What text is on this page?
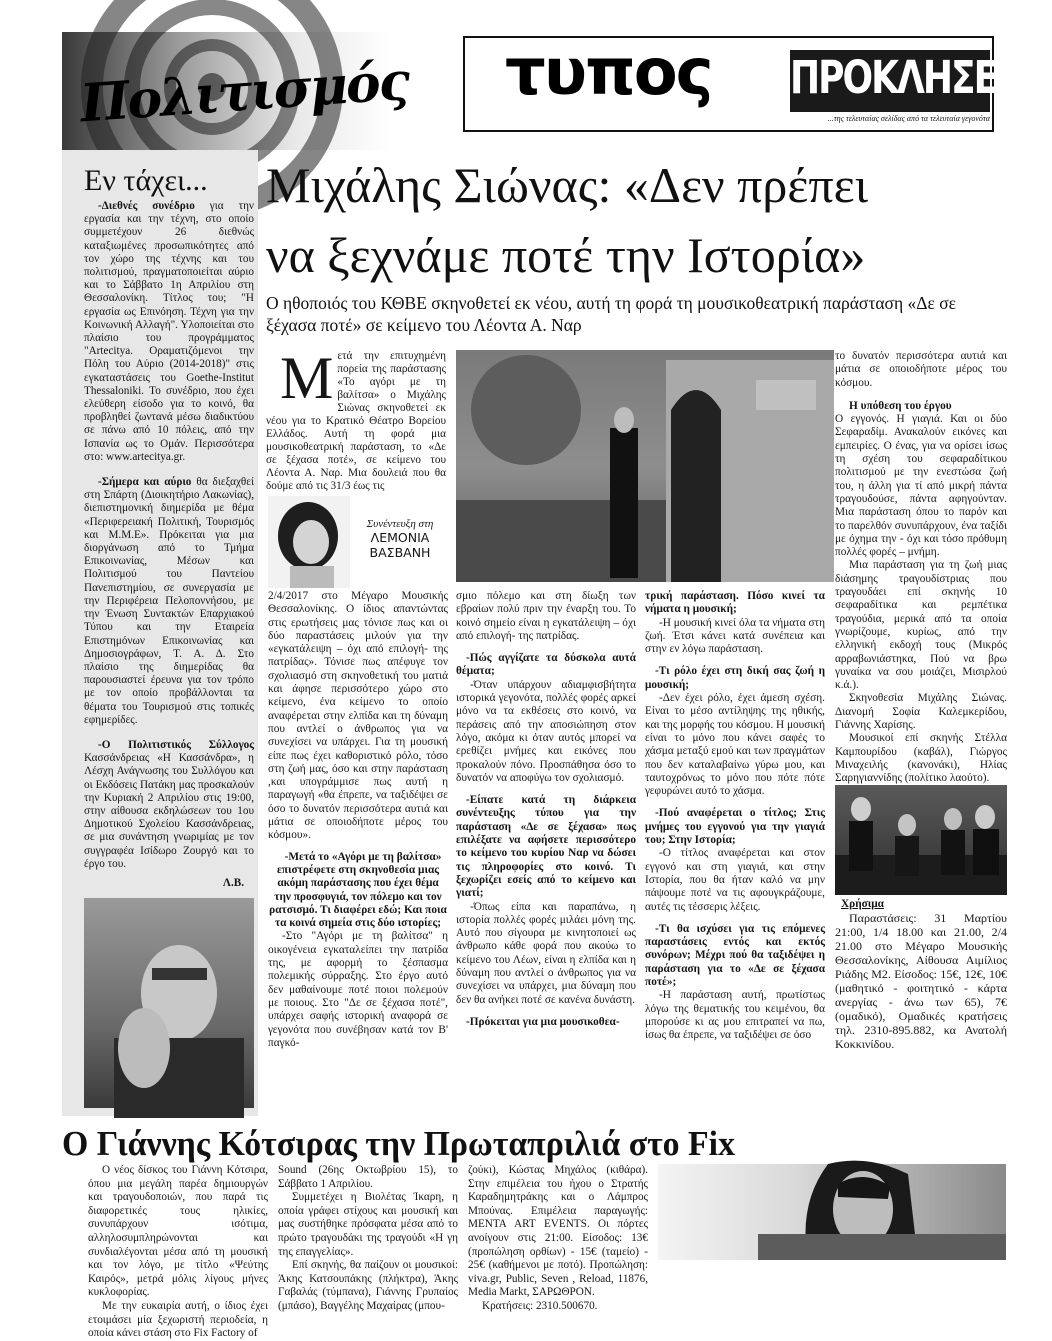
Πολιτισμός τυπος ΠΡΟΚΛΗΣΕΙΣ
...της τελευταίας σελίδας από τα τελευταία γεγονότα
Εν τάχει...

-Διεθνές συνέδριο για την εργασία και την τέχνη, στο οποίο συμμετέχουν 26 διεθνώς καταξιωμένες προσωπικότητες από τον χώρο της τέχνης και του πολιτισμού, πραγματοποιείται αύριο και το Σάββατο 1η Απριλίου στη Θεσσαλονίκη. Τίτλος του; "Η εργασία ως Επινόηση. Τέχνη για την Κοινωνική Αλλαγή". Υλοποιείται στο πλαίσιο του προγράμματος "Artecitya. Οραματιζόμενοι την Πόλη του Αύριο (2014-2018)" στις εγκαταστάσεις του Goethe-Institut Thessaloniki. Το συνέδριο, που έχει ελεύθερη είσοδο για το κοινό, θα προβληθεί ζωντανά μέσω διαδικτύου σε πάνω από 10 πόλεις, από την Ισπανία ως το Ομάν. Περισσότερα στο: www.artecitya.gr.

-Σήμερα και αύριο θα διεξαχθεί στη Σπάρτη (Διοικητήριο Λακωνίας), διεπιστημονική διημερίδα με θέμα «Περιφερειακή Πολιτική, Τουρισμός και Μ.Μ.Ε». Πρόκειται για μια διοργάνωση από το Τμήμα Επικοινωνίας, Μέσων και Πολιτισμού του Παντείου Πανεπιστημίου, σε συνεργασία με την Περιφέρεια Πελοποννήσου, με την Ένωση Συντακτών Επαρχιακού Τύπου και την Εταιρεία Επιστημόνων Επικοινωνίας και Δημοσιογράφων, Τ. Α. Δ. Στο πλαίσιο της διημερίδας θα παρουσιαστεί έρευνα για τον τρόπο με τον οποίο προβάλλονται τα θέματα του Τουρισμού στις τοπικές εφημερίδες.

-Ο Πολιτιστικός Σύλλογος Κασσάνδρειας «Η Κασσάνδρα», η Λέσχη Ανάγνωσης του Συλλόγου και οι Εκδόσεις Πατάκη μας προσκαλούν την Κυριακή 2 Απριλίου στις 19:00, στην αίθουσα εκδηλώσεων του 1ου Δημοτικού Σχολείου Κασσάνδρειας, σε μια συνάντηση γνωριμίας με τον συγγραφέα Ισίδωρο Ζουργό και το έργο του.

Λ.Β.
Μιχάλης Σιώνας: «Δεν πρέπει
να ξεχνάμε ποτέ την Ιστορία»
Ο ηθοποιός του ΚΘΒΕ σκηνοθετεί εκ νέου, αυτή τη φορά τη μουσικοθεατρική παράσταση «Δε σε ξέχασα ποτέ» σε κείμενο του Λέοντα Α. Ναρ
Μ ετά την επιτυχημένη πορεία της παράστασης «Το αγόρι με τη βαλίτσα» ο Μιχάλης Σιώνας σκηνοθετεί εκ νέου για το Κρατικό Θέατρο Βορείου Ελλάδος. Αυτή τη φορά μια μουσικοθεατρική παράσταση, το «Δε σε ξέχασα ποτέ», σε κείμενο του Λέοντα Α. Ναρ. Μια δουλειά που θα δούμε από τις 31/3 έως τις
Συνέντευξη στη
ΛΕΜΟΝΙΑ
ΒΑΣΒΑΝΗ

2/4/2017 στο Μέγαρο Μουσικής Θεσσαλονίκης. Ο ίδιος απαντώντας στις ερωτήσεις μας τόνισε πως και οι δύο παραστάσεις μιλούν για την «εγκατάλειψη – όχι από επιλογή- της πατρίδας». Τόνισε πως απέφυγε τον σχολιασμό στη σκηνοθετική του ματιά και άφησε περισσότερο χώρο στο κείμενο, ένα κείμενο το οποίο αναφέρεται στην ελπίδα και τη δύναμη που αντλεί ο άνθρωπος για να συνεχίσει να υπάρχει. Για τη μουσική είπε πως έχει καθοριστικό ρόλο, τόσο στη ζωή μας, όσο και στην παράσταση ,και υπογράμμισε πως αυτή η παραγωγή «θα έπρεπε, να ταξιδέψει σε όσο το δυνατόν περισσότερα αυτιά και μάτια σε οποιοδήποτε μέρος του κόσμου».

-Μετά το «Αγόρι με τη βαλίτσα» επιστρέφετε στη σκηνοθεσία μιας ακόμη παράστασης που έχει θέμα την προσφυγιά, τον πόλεμο και τον ρατσισμό. Τι διαφέρει εδώ; Και ποια τα κοινά σημεία στις δύο ιστορίες;

-Στο "Αγόρι με τη βαλίτσα" η οικογένεια εγκαταλείπει την πατρίδα της, με αφορμή το ξέσπασμα πολεμικής σύρραξης. Στο έργο αυτό δεν μαθαίνουμε ποτέ ποιοι πολεμούν με ποιους. Στο "Δε σε ξέχασα ποτέ", υπάρχει σαφής ιστορική αναφορά σε γεγονότα που συνέβησαν κατά τον Β' παγκό-

σμιο πόλεμο και στη δίωξη των εβραίων πολύ πριν την έναρξη του. Το κοινό σημείο είναι η εγκατάλειψη – όχι από επιλογή- της πατρίδας.

-Πώς αγγίζατε τα δύσκολα αυτά θέματα;

-Όταν υπάρχουν αδιαμφισβήτητα ιστορικά γεγονότα, πολλές φορές αρκεί μόνο να τα εκθέσεις στο κοινό, να περάσεις από την αποσιώπηση στον λόγο, ακόμα κι όταν αυτός μπορεί να ερεθίζει μνήμες και εικόνες που προκαλούν πόνο. Προσπάθησα όσο το δυνατόν να αποφύγω τον σχολιασμό.

-Είπατε κατά τη διάρκεια συνέντευξης τύπου για την παράσταση «Δε σε ξέχασα» πως επιλέξατε να αφήσετε περισσότερο το κείμενο του κυρίου Ναρ να δώσει τις πληροφορίες στο κοινό. Τι ξεχωρίζει εσείς από το κείμενο και γιατί;

-Όπως είπα και παραπάνω, η ιστορία πολλές φορές μιλάει μόνη της. Αυτό που σίγουρα με κινητοποιεί ως άνθρωπο κάθε φορά που ακούω το κείμενο του Λέων, είναι η ελπίδα και η δύναμη που αντλεί ο άνθρωπος για να συνεχίσει να υπάρχει, μια δύναμη που δεν θα ανήκει ποτέ σε κανένα δυνάστη.

-Πρόκειται για μια μουσικοθεα-

τρική παράσταση. Πόσο κινεί τα νήματα η μουσική;

-Η μουσική κινεί όλα τα νήματα στη ζωή. Έτσι κάνει κατά συνέπεια και στην εν λόγω παράσταση.

-Τι ρόλο έχει στη δική σας ζωή η μουσική;

-Δεν έχει ρόλο, έχει άμεση σχέση. Είναι το μέσο αντίληψης της ηθικής, και της μορφής του κόσμου. Η μουσική είναι το μόνο που κάνει σαφές το χάσμα μεταξύ εμού και των πραγμάτων που δεν καταλαβαίνω γύρω μου, και ταυτοχρόνως το μόνο που πότε πότε γεφυρώνει αυτό το χάσμα.

-Πού αναφέρεται ο τίτλος; Στις μνήμες του εγγονού για την γιαγιά του; Στην Ιστορία;

-Ο τίτλος αναφέρεται και στον εγγονό και στη γιαγιά, και στην Ιστορία, που θα ήταν καλό να μην πάψουμε ποτέ να τις αφουγκράζουμε, αυτές τις τέσσερις λέξεις.

-Τι θα ισχύσει για τις επόμενες παραστάσεις εντός και εκτός συνόρων; Μέχρι πού θα ταξιδέψει η παράσταση για το «Δε σε ξέχασα ποτέ»;

-Η παράσταση αυτή, πρωτίστως λόγω της θεματικής του κειμένου, θα μπορούσε κι ας μου επιτραπεί να πω, ίσως θα έπρεπε, να ταξιδέψει σε όσο

το δυνατόν περισσότερα αυτιά και μάτια σε οποιοδήποτε μέρος του κόσμου.

Η υπόθεση του έργου

Ο εγγονός. Η γιαγιά. Και οι δύο Σεφαραδίμ. Ανακαλούν εικόνες και εμπειρίες. Ο ένας, για να ορίσει ίσως τη σχέση του σεφαραδίτικου πολιτισμού με την ενεστώσα ζωή του, η άλλη για τί από μικρή πάντα τραγουδούσε, πάντα αφηγούνταν. Μια παράσταση όπου το παρόν και το παρελθόν συνυπάρχουν, ένα ταξίδι με όχημα την - όχι και τόσο πρόθυμη πολλές φορές – μνήμη.

Μια παράσταση για τη ζωή μιας διάσημης τραγουδίστριας που τραγουδάει επί σκηνής 10 σεφαραδίτικα και ρεμπέτικα τραγούδια, μερικά από τα οποία γνωρίζουμε, κυρίως, από την ελληνική εκδοχή τους (Μικρός αρραβωνιάστηκα, Πού να βρω γυναίκα να σου μοιάζει, Μισιρλού κ.ά.).

Σκηνοθεσία Μιχάλης Σιώνας. Διανομή Σοφία Καλεμκερίδου, Γιάννης Χαρίσης.

Μουσικοί επί σκηνής Στέλλα Καμπουρίδου (καβάλ), Γιώργος Μιναχειλής (κανονάκι), Ηλίας Σαρηγιαννίδης (πολίτικο λαούτο).

Χρήσιμα

Παραστάσεις: 31 Μαρτίου 21:00, 1/4 18.00 και 21.00, 2/4 21.00 στο Μέγαρο Μουσικής Θεσσαλονίκης, Αίθουσα Αιμίλιος Ριάδης Μ2. Είσοδος: 15€, 12€, 10€ (μαθητικό - φοιτητικό - κάρτα ανεργίας - άνω των 65), 7€ (ομαδικό), Ομαδικές κρατήσεις τηλ. 2310-895.882, κα Ανατολή Κοκκινίδου.

Ο Γιάννης Κότσιρας την Πρωταπριλιά στο Fix

Ο νέος δίσκος του Γιάννη Κότσιρα, όπου μια μεγάλη παρέα δημιουργών και τραγουδοποιών, που παρά τις διαφορετικές τους ηλικίες, συνυπάρχουν ισότιμα, αλληλοσυμπληρώνονται και συνδιαλέγονται μέσα από τη μουσική και τον λόγο, με τίτλο «Ψεύτης Καιρός», μετρά μόλις λίγους μήνες κυκλοφορίας.

Με την ευκαιρία αυτή, ο ίδιος έχει ετοιμάσει μία ξεχωριστή περιοδεία, η οποία κάνει στάση στο Fix Factory of

Sound (26ης Οκτωβρίου 15), το Σάββατο 1 Απριλίου.

Συμμετέχει η Βιολέτας Ίκαρη, η οποία γράφει στίχους και μουσική και μας συστήθηκε πρόσφατα μέσα από το πρώτο τραγουδάκι της τραγούδι «Η γη της επαγγελίας».

Επί σκηνής, θα παίζουν οι μουσικοί: Άκης Κατσουπάκης (πλήκτρα), Άκης Γαβαλάς (τύμπανα), Γιάννης Γρυπαίος (μπάσο), Βαγγέλης Μαχαίρας (μπου-

ζούκι), Κώστας Μηχάλος (κιθάρα). Στην επιμέλεια του ήχου ο Στρατής Καραδημητράκης και ο Λάμπρος Μπούνας. Επιμέλεια παραγωγής: MENTA ART EVENTS. Οι πόρτες ανοίγουν στις 21:00. Είσοδος: 13€(προπώληση ορθίων) - 15€ (ταμείο) - 25€ (καθήμενοι με ποτό). Προπώληση: viva.gr, Public, Seven , Reload, 11876, Media Markt, ΣΑΡΩΘΡΟΝ.

Κρατήσεις: 2310.500670.
